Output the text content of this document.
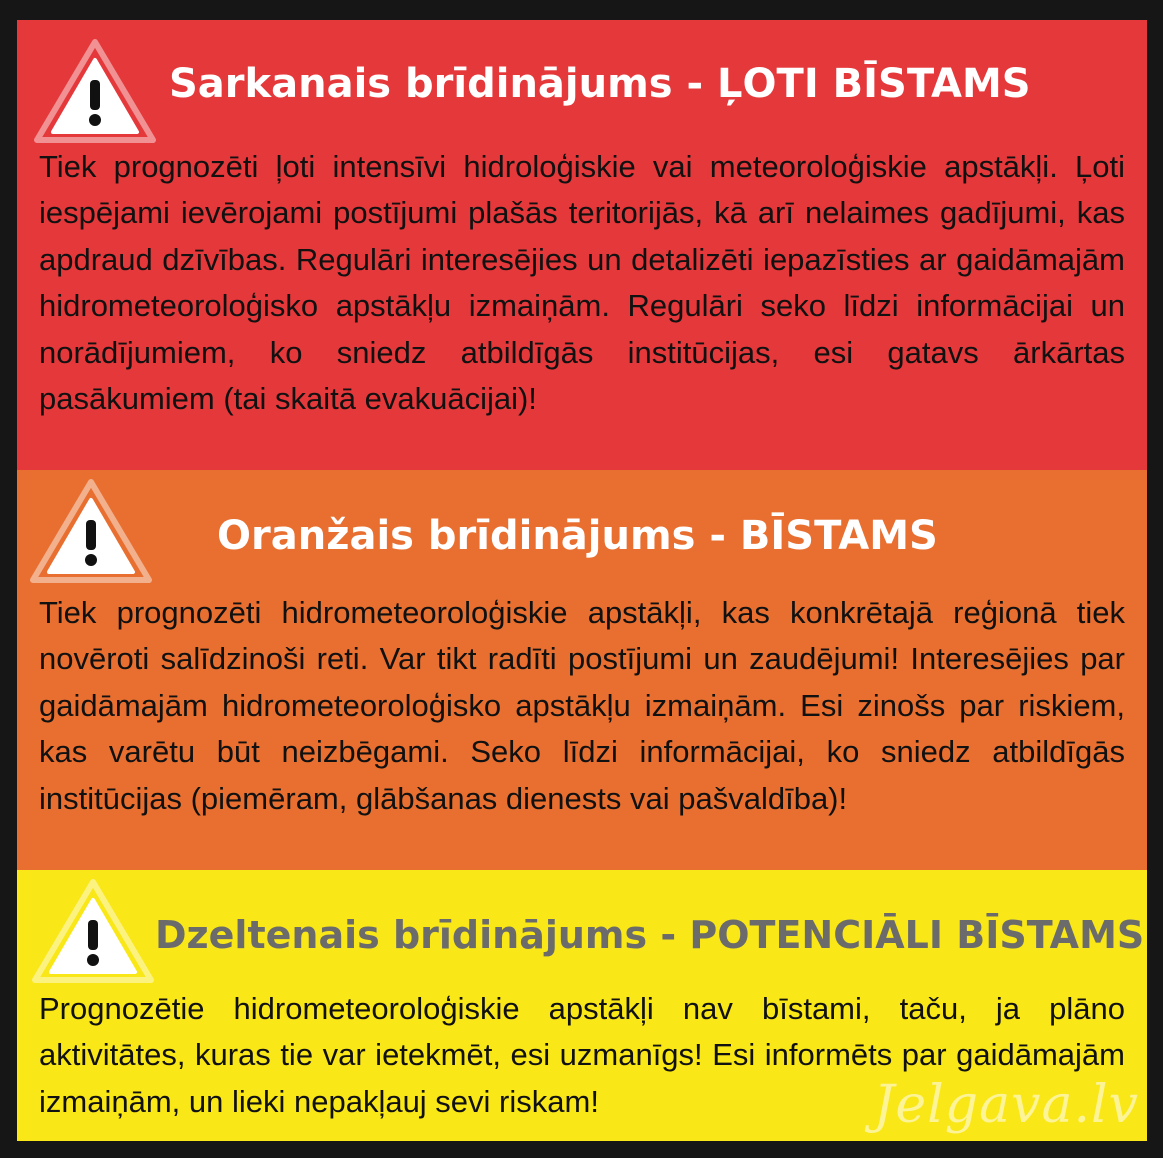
Sarkanais brīdinājums - ĻOTI BĪSTAMS

Tiek prognozēti ļoti intensīvi hidroloģiskie vai meteoroloģiskie apstākļi. Ļoti iespējami ievērojami postījumi plašās teritorijās, kā arī nelaimes gadījumi, kas apdraud dzīvības. Regulāri interesējies un detalizēti iepazīsties ar gaidāmajām hidrometeoroloģisko apstākļu izmaiņām. Regulāri seko līdzi informācijai un norādījumiem, ko sniedz atbildīgās institūcijas, esi gatavs ārkārtas pasākumiem (tai skaitā evakuācijai)!

Oranžais brīdinājums - BĪSTAMS

Tiek prognozēti hidrometeoroloģiskie apstākļi, kas konkrētajā reģionā tiek novēroti salīdzinoši reti. Var tikt radīti postījumi un zaudējumi! Interesējies par gaidāmajām hidrometeoroloģisko apstākļu izmaiņām. Esi zinošs par riskiem, kas varētu būt neizbēgami. Seko līdzi informācijai, ko sniedz atbildīgās institūcijas (piemēram, glābšanas dienests vai pašvaldība)!

Dzeltenais brīdinājums - POTENCIĀLI BĪSTAMS

Prognozētie hidrometeoroloģiskie apstākļi nav bīstami, taču, ja plāno aktivitātes, kuras tie var ietekmēt, esi uzmanīgs! Esi informēts par gaidāmajām izmaiņām, un lieki nepakļauj sevi riskam!	Jelgava.lv
